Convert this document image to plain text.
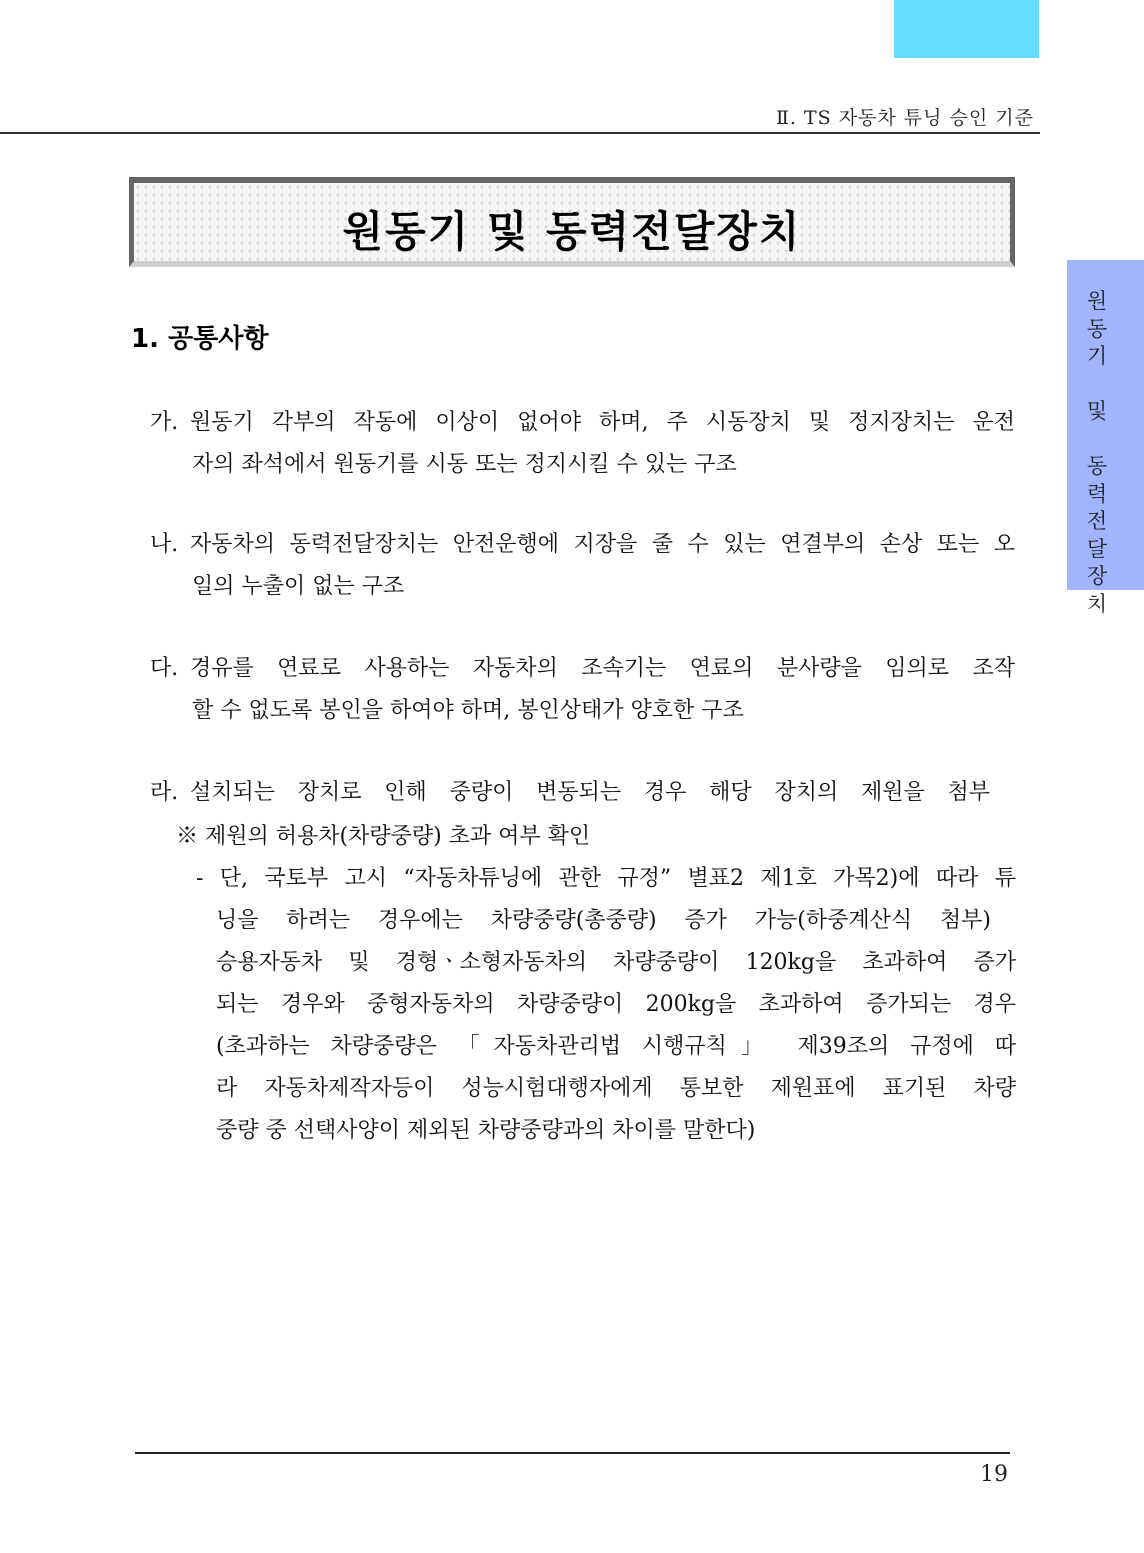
Ⅱ. TS 자동차 튜닝 승인 기준
원동기 및 동력전달장치
원
동
기

및

동
력
전
달
장
치
1. 공통사항
가. 원동기 각부의 작동에 이상이 없어야 하며, 주 시동장치 및 정지장치는 운전
자의 좌석에서 원동기를 시동 또는 정지시킬 수 있는 구조
나. 자동차의 동력전달장치는 안전운행에 지장을 줄 수 있는 연결부의 손상 또는 오
일의 누출이 없는 구조
다. 경유를 연료로 사용하는 자동차의 조속기는 연료의 분사량을 임의로 조작
할 수 없도록 봉인을 하여야 하며, 봉인상태가 양호한 구조
라. 설치되는 장치로 인해 중량이 변동되는 경우 해당 장치의 제원을 첨부
※ 제원의 허용차(차량중량) 초과 여부 확인
- 단, 국토부 고시 “자동차튜닝에 관한 규정” 별표2 제1호 가목2)에 따라 튜
닝을 하려는 경우에는 차량중량(총중량) 증가 가능(하중계산식 첨부)
승용자동차 및 경형ㆍ소형자동차의 차량중량이 120kg을 초과하여 증가
되는 경우와 중형자동차의 차량중량이 200kg을 초과하여 증가되는 경우
(초과하는 차량중량은 「자동차관리법 시행규칙」 제39조의 규정에 따
라 자동차제작자등이 성능시험대행자에게 통보한 제원표에 표기된 차량
중량 중 선택사양이 제외된 차량중량과의 차이를 말한다)
19
